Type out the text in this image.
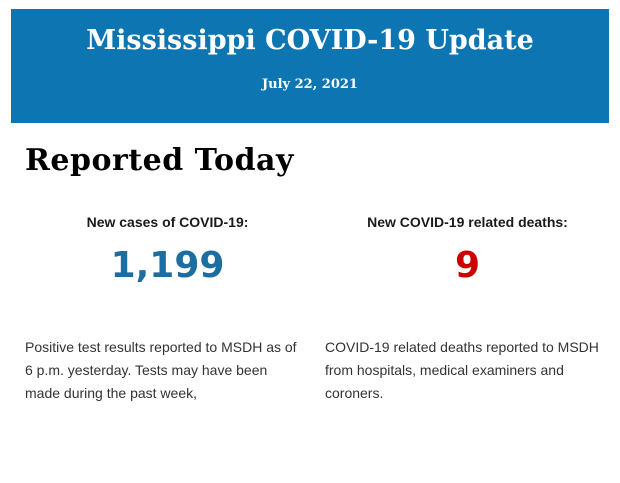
Mississippi COVID-19 Update
July 22, 2021
Reported Today
New cases of COVID-19:
1,199

Positive test results reported to MSDH as of 6 p.m. yesterday. Tests may have been made during the past week,

New COVID-19 related deaths:
9

COVID-19 related deaths reported to MSDH from hospitals, medical examiners and coroners.
